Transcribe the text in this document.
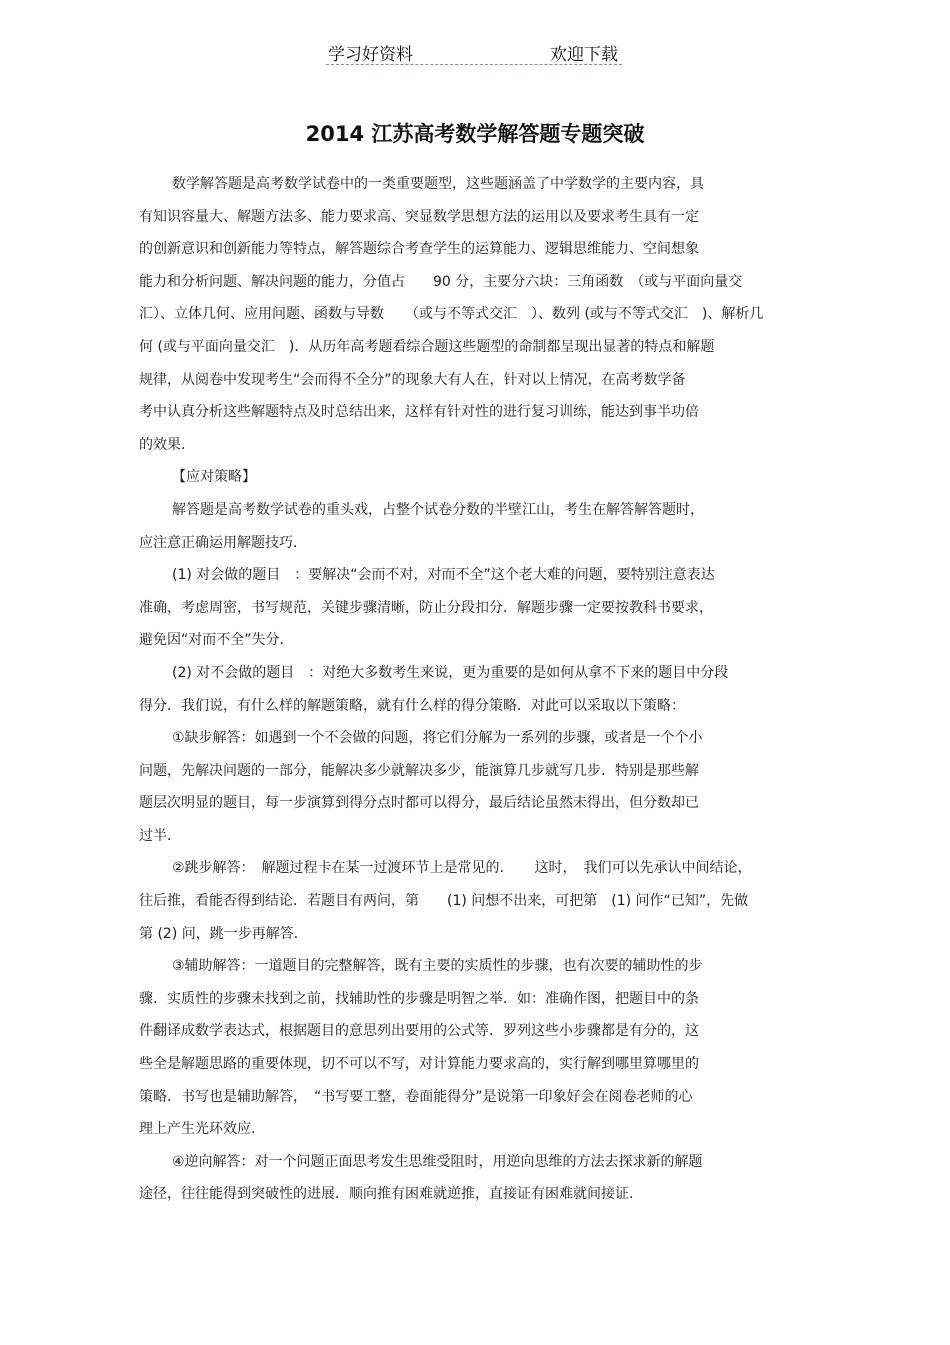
学习好资料	欢迎下载
2014 江苏高考数学解答题专题突破
数学解答题是高考数学试卷中的一类重要题型，这些题涵盖了中学数学的主要内容，具
有知识容量大、解题方法多、能力要求高、突显数学思想方法的运用以及要求考生具有一定
的创新意识和创新能力等特点，解答题综合考查学生的运算能力、逻辑思维能力、空间想象
能力和分析问题、解决问题的能力，分值占　　90 分，主要分六块：三角函数　（或与平面向量交
汇）、立体几何、应用问题、函数与导数　　（或与不等式交汇　）、数列 (或与不等式交汇　)、解析几
何 (或与平面向量交汇　)．从历年高考题看综合题这些题型的命制都呈现出显著的特点和解题
规律，从阅卷中发现考生“会而得不全分”的现象大有人在，针对以上情况，在高考数学备
考中认真分析这些解题特点及时总结出来，这样有针对性的进行复习训练，能达到事半功倍
的效果．
【应对策略】
解答题是高考数学试卷的重头戏，占整个试卷分数的半壁江山，考生在解答解答题时，
应注意正确运用解题技巧．
(1) 对会做的题目　：要解决“会而不对，对而不全”这个老大难的问题，要特别注意表达
准确，考虑周密，书写规范，关键步骤清晰，防止分段扣分．解题步骤一定要按教科书要求，
避免因“对而不全”失分．
(2) 对不会做的题目　：对绝大多数考生来说，更为重要的是如何从拿不下来的题目中分段
得分．我们说，有什么样的解题策略，就有什么样的得分策略．对此可以采取以下策略：
①缺步解答：如遇到一个不会做的问题，将它们分解为一系列的步骤，或者是一个个小
问题，先解决问题的一部分，能解决多少就解决多少，能演算几步就写几步．特别是那些解
题层次明显的题目，每一步演算到得分点时都可以得分，最后结论虽然未得出，但分数却已
过半．
②跳步解答：　解题过程卡在某一过渡环节上是常见的．　　这时，　我们可以先承认中间结论，
往后推，看能否得到结论．若题目有两问，第　　(1) 问想不出来，可把第　(1) 问作“已知”，先做
第 (2) 问，跳一步再解答．
③辅助解答：一道题目的完整解答，既有主要的实质性的步骤，也有次要的辅助性的步
骤．实质性的步骤未找到之前，找辅助性的步骤是明智之举．如：准确作图，把题目中的条
件翻译成数学表达式，根据题目的意思列出要用的公式等．罗列这些小步骤都是有分的，这
些全是解题思路的重要体现，切不可以不写，对计算能力要求高的，实行解到哪里算哪里的
策略．书写也是辅助解答，　“书写要工整，卷面能得分”是说第一印象好会在阅卷老师的心
理上产生光环效应．
④逆向解答：对一个问题正面思考发生思维受阻时，用逆向思维的方法去探求新的解题
途径，往往能得到突破性的进展．顺向推有困难就逆推，直接证有困难就间接证．
